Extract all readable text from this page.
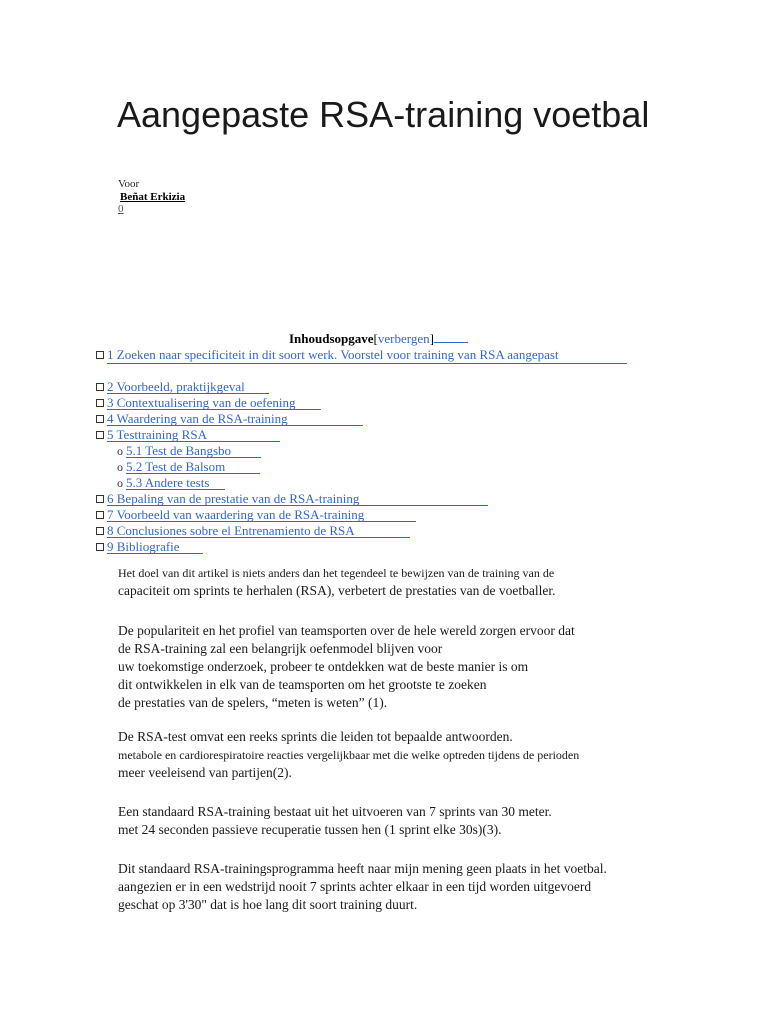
Aangepaste RSA-training voetbal
Voor
Beñat Erkizia
0
Inhoudsopgave[verbergen]
1 Zoeken naar specificiteit in dit soort werk. Voorstel voor training van RSA aangepast
2 Voorbeeld, praktijkgeval
3 Contextualisering van de oefening
4 Waardering van de RSA-training
5 Testtraining RSA
o 5.1 Test de Bangsbo
o 5.2 Test de Balsom
o 5.3 Andere tests
6 Bepaling van de prestatie van de RSA-training
7 Voorbeeld van waardering van de RSA-training
8 Conclusiones sobre el Entrenamiento de RSA
9 Bibliografie
Het doel van dit artikel is niets anders dan het tegendeel te bewijzen van de training van de
capaciteit om sprints te herhalen (RSA), verbetert de prestaties van de voetballer.
De populariteit en het profiel van teamsporten over de hele wereld zorgen ervoor dat
de RSA-training zal een belangrijk oefenmodel blijven voor
uw toekomstige onderzoek, probeer te ontdekken wat de beste manier is om
dit ontwikkelen in elk van de teamsporten om het grootste te zoeken
de prestaties van de spelers, “meten is weten” (1).
De RSA-test omvat een reeks sprints die leiden tot bepaalde antwoorden.
metabole en cardiorespiratoire reacties vergelijkbaar met die welke optreden tijdens de perioden
meer veeleisend van partijen(2).
Een standaard RSA-training bestaat uit het uitvoeren van 7 sprints van 30 meter.
met 24 seconden passieve recuperatie tussen hen (1 sprint elke 30s)(3).
Dit standaard RSA-trainingsprogramma heeft naar mijn mening geen plaats in het voetbal.
aangezien er in een wedstrijd nooit 7 sprints achter elkaar in een tijd worden uitgevoerd
geschat op 3'30" dat is hoe lang dit soort training duurt.
